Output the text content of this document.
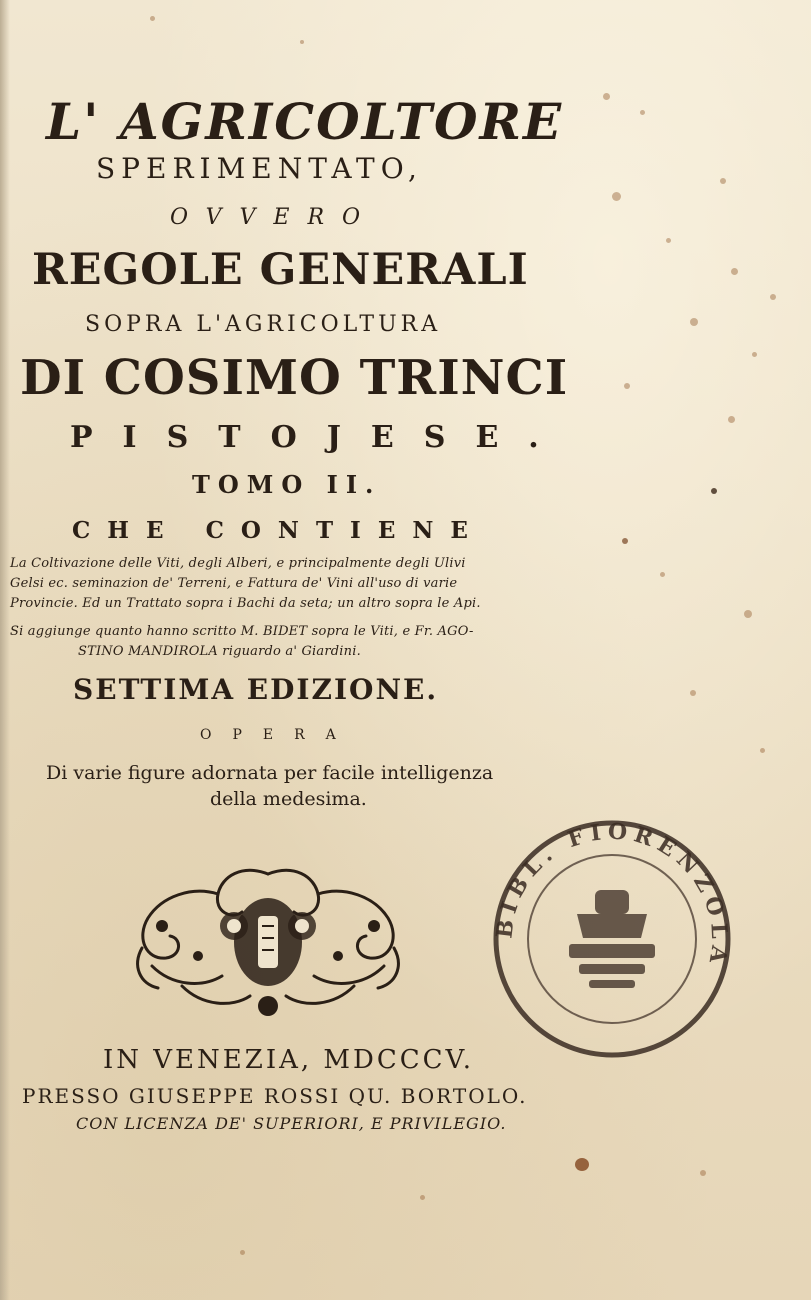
L' AGRICOLTORE
SPERIMENTATO,
OVVERO
REGOLE GENERALI
SOPRA L'AGRICOLTURA
DI COSIMO TRINCI
PISTOJESE.
TOMO II.
CHE CONTIENE
La Coltivazione delle Viti, degli Alberi, e principalmente degli Ulivi
Gelsi ec. seminazion de' Terreni, e Fattura de' Vini all'uso di varie
Provincie. Ed un Trattato sopra i Bachi da seta; un altro sopra le Api.
Si aggiunge quanto hanno scritto M. BIDET sopra le Viti, e Fr. AGO-
STINO MANDIROLA riguardo a' Giardini.
SETTIMA EDIZIONE.
OPERA
Di varie figure adornata per facile intelligenza
della medesima.
BIBL. FIORENZOLA
IN VENEZIA, MDCCCV.
PRESSO GIUSEPPE ROSSI QU. BORTOLO.
CON LICENZA DE' SUPERIORI, E PRIVILEGIO.
